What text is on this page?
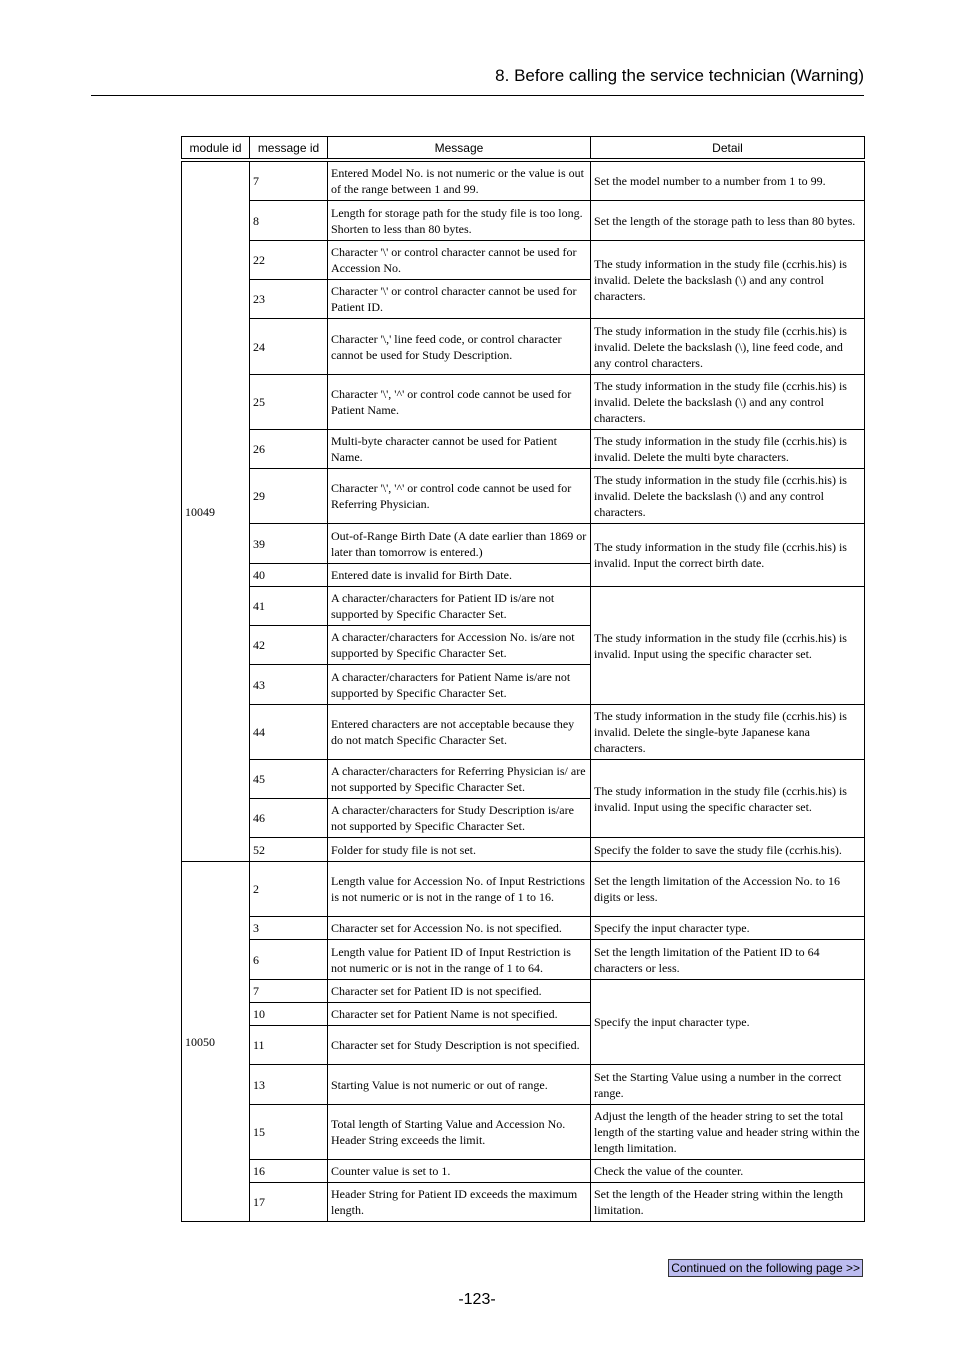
8. Before calling the service technician (Warning)
module id	message id	Message	Detail
10049	7	Entered Model No. is not numeric or the value is out of the range between 1 and 99.	Set the model number to a number from 1 to 99.
	8	Length for storage path for the study file is too long. Shorten to less than 80 bytes.	Set the length of the storage path to less than 80 bytes.
	22	Character '\' or control character cannot be used for Accession No.	The study information in the study file (ccrhis.his) is invalid. Delete the backslash (\) and any control characters.
	23	Character '\' or control character cannot be used for Patient ID.	
	24	Character '\,' line feed code, or control character cannot be used for Study Description.	The study information in the study file (ccrhis.his) is invalid. Delete the backslash (\), line feed code, and any control characters.
	25	Character '\', '^' or control code cannot be used for Patient Name.	The study information in the study file (ccrhis.his) is invalid. Delete the backslash (\) and any control characters.
	26	Multi-byte character cannot be used for Patient Name.	The study information in the study file (ccrhis.his) is invalid. Delete the multi byte characters.
	29	Character '\', '^' or control code cannot be used for Referring Physician.	The study information in the study file (ccrhis.his) is invalid. Delete the backslash (\) and any control characters.
	39	Out-of-Range Birth Date (A date earlier than 1869 or later than tomorrow is entered.)	The study information in the study file (ccrhis.his) is invalid. Input the correct birth date.
	40	Entered date is invalid for Birth Date.	
	41	A character/characters for Patient ID is/are not supported by Specific Character Set.	The study information in the study file (ccrhis.his) is invalid. Input using the specific character set.
	42	A character/characters for Accession No. is/are not supported by Specific Character Set.	
	43	A character/characters for Patient Name is/are not supported by Specific Character Set.	
	44	Entered characters are not acceptable because they do not match Specific Character Set.	The study information in the study file (ccrhis.his) is invalid. Delete the single-byte Japanese kana characters.
	45	A character/characters for Referring Physician is/ are not supported by Specific Character Set.	The study information in the study file (ccrhis.his) is invalid. Input using the specific character set.
	46	A character/characters for Study Description is/are not supported by Specific Character Set.	
	52	Folder for study file is not set.	Specify the folder to save the study file (ccrhis.his).
10050	2	Length value for Accession No. of Input Restrictions is not numeric or is not in the range of 1 to 16.	Set the length limitation of the Accession No. to 16 digits or less.
	3	Character set for Accession No. is not specified.	Specify the input character type.
	6	Length value for Patient ID of Input Restriction is not numeric or is not in the range of 1 to 64.	Set the length limitation of the Patient ID to 64 characters or less.
	7	Character set for Patient ID is not specified.	Specify the input character type.
	10	Character set for Patient Name is not specified.	
	11	Character set for Study Description is not specified.	
	13	Starting Value is not numeric or out of range.	Set the Starting Value using a number in the correct range.
	15	Total length of Starting Value and Accession No. Header String exceeds the limit.	Adjust the length of the header string to set the total length of the starting value and header string within the length limitation.
	16	Counter value is set to 1.	Check the value of the counter.
	17	Header String for Patient ID exceeds the maximum length.	Set the length of the Header string within the length limitation.
Continued on the following page >>
-123-
